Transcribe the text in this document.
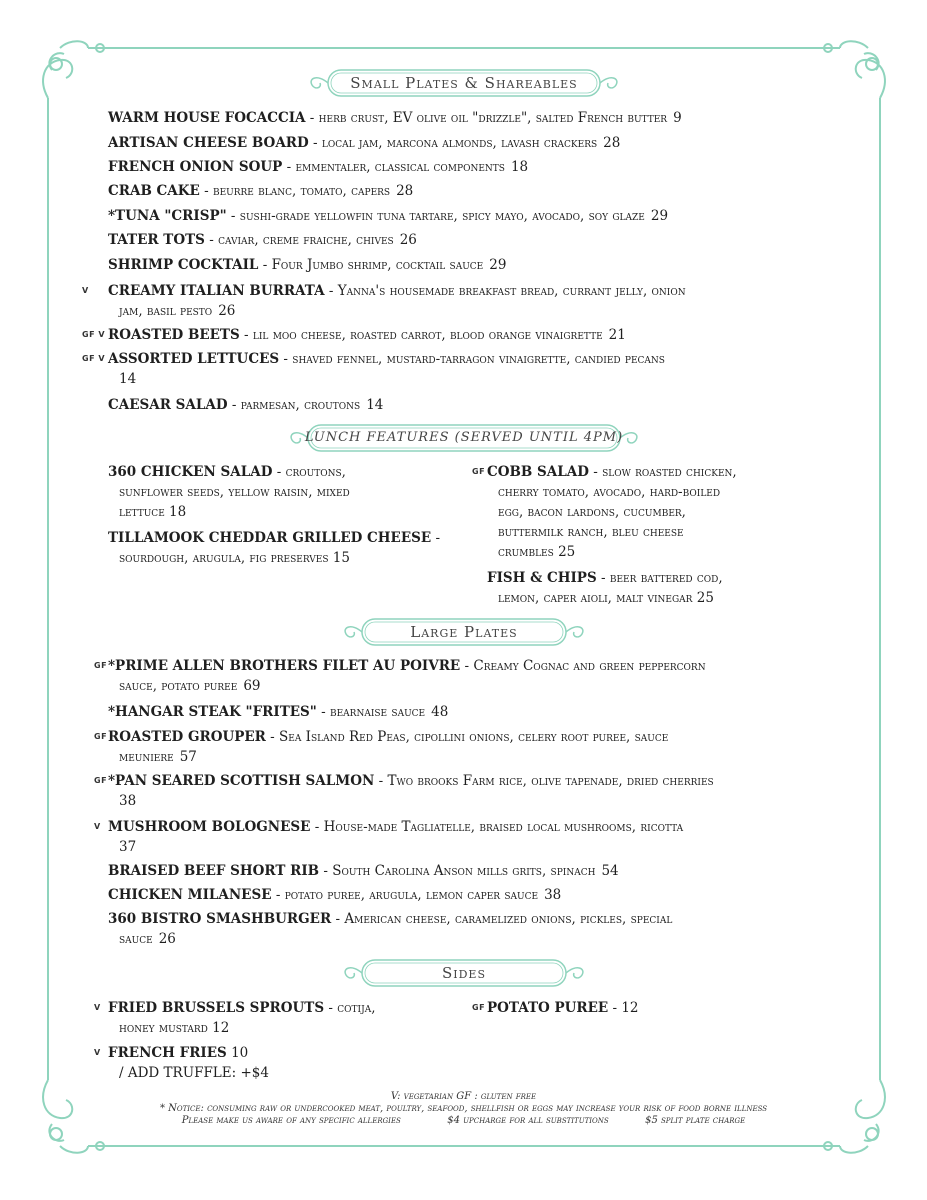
Small Plates & Shareables
WARM HOUSE FOCACCIA - herb crust, EV olive oil "drizzle", salted French butter 9
ARTISAN CHEESE BOARD - local jam, marcona almonds, lavash crackers 28
FRENCH ONION SOUP - emmentaler, classical components 18
CRAB CAKE - beurre blanc, tomato, capers 28
*TUNA "CRISP" - sushi-grade yellowfin tuna tartare, spicy mayo, avocado, soy glaze 29
TATER TOTS - caviar, creme fraiche, chives 26
SHRIMP COCKTAIL - Four Jumbo shrimp, cocktail sauce 29
V CREAMY ITALIAN BURRATA - Yanna's housemade breakfast bread, currant jelly, onion
jam, basil pesto 26
GF V ROASTED BEETS - lil moo cheese, roasted carrot, blood orange vinaigrette 21
GF V ASSORTED LETTUCES - shaved fennel, mustard-tarragon vinaigrette, candied pecans
14
CAESAR SALAD - parmesan, croutons 14
LUNCH FEATURES (SERVED UNTIL 4PM)
360 CHICKEN SALAD - croutons,
sunflower seeds, yellow raisin, mixed
lettuce 18
TILLAMOOK CHEDDAR GRILLED CHEESE -
sourdough, arugula, fig preserves 15
GF COBB SALAD - slow roasted chicken,
cherry tomato, avocado, hard-boiled
egg, bacon lardons, cucumber,
buttermilk ranch, bleu cheese
crumbles 25
FISH & CHIPS - beer battered cod,
lemon, caper aioli, malt vinegar 25
Large Plates
GF *PRIME ALLEN BROTHERS FILET AU POIVRE - Creamy Cognac and green peppercorn
sauce, potato puree 69
*HANGAR STEAK "FRITES" - bearnaise sauce 48
GF ROASTED GROUPER - Sea Island Red Peas, cipollini onions, celery root puree, sauce
meuniere 57
GF *PAN SEARED SCOTTISH SALMON - Two brooks Farm rice, olive tapenade, dried cherries
38
V MUSHROOM BOLOGNESE - House-made Tagliatelle, braised local mushrooms, ricotta
37
BRAISED BEEF SHORT RIB - South Carolina Anson mills grits, spinach 54
CHICKEN MILANESE - potato puree, arugula, lemon caper sauce 38
360 BISTRO SMASHBURGER - American cheese, caramelized onions, pickles, special
sauce 26
Sides
V FRIED BRUSSELS SPROUTS - cotija,
honey mustard 12
V FRENCH FRIES 10
/ ADD TRUFFLE: +$4
GF POTATO PUREE - 12
V: vegetarian GF : gluten free
* Notice: consuming raw or undercooked meat, poultry, seafood, shellfish or eggs may increase your risk of food borne illness
Please make us aware of any specific allergies	$4 upcharge for all substitutions	$5 split plate charge
